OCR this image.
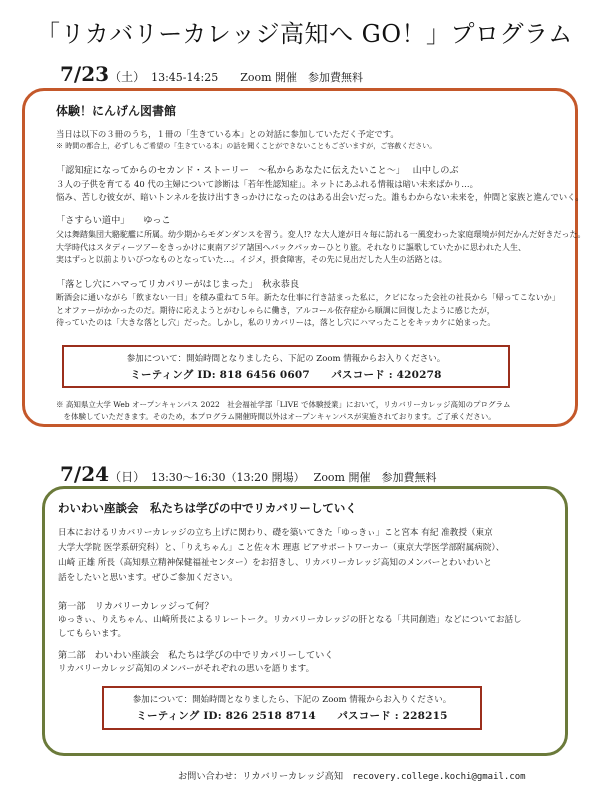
「リカバリーカレッジ高知へ GO！」プログラム
7/23 （土） 13:45-14:25　　Zoom 開催　参加費無料
体験！にんげん図書館
当日は以下の３冊のうち，１冊の「生きている本」との対話に参加していただく予定です。
※ 時間の都合上，必ずしもご希望の「生きている本」の話を聞くことができないこともございますが，ご容赦ください。
「認知症になってからのセカンド・ストーリー　～私からあなたに伝えたいこと～」　 山中しのぶ
３人の子供を育てる 40 代の主婦について診断は「若年性認知症」。ネットにあふれる情報は暗い未来ばかり…。
悩み、苦しむ彼女が、暗いトンネルを抜け出すきっかけになったのはある出会いだった。誰もわからない未来を，仲間と家族と進んでいく。
「さすらい道中」　　ゆっこ
父は舞踏集団大駱駝艦に所属。幼少期からモダンダンスを習う。変人!? な大人達が日々毎に訪れる一風変わった家庭環境が何だかんだ好きだった。
大学時代はスタディーツアーをきっかけに東南アジア諸国へバックパッカーひとり旅。それなりに謳歌していたかに思われた人生、
実はずっと以前よりいびつなものとなっていた…。イジメ，摂食障害，その先に見出だした人生の活路とは。
「落とし穴にハマってリカバリーがはじまった」　秋永恭良
断酒会に通いながら「飲まない一日」を積み重ねて５年。新たな仕事に行き詰まった私に，クビになった会社の社長から「帰ってこないか」
とオファーがかかったのだ。期待に応えようとがむしゃらに働き，アルコール依存症から順調に回復したように感じたが，
待っていたのは「大きな落とし穴」だった。しかし，私のリカバリーは，落とし穴にハマったことをキッカケに始まった。
参加について：開始時間となりましたら、下記の Zoom 情報からお入りください。
ミーティング ID: 818 6456 0607　　パスコード : 420278
※ 高知県立大学 Web オープンキャンパス 2022　社会福祉学部「LIVE で体験授業」において，リカバリーカレッジ高知のプログラム
　を体験していただきます。そのため，本プログラム開催時間以外はオープンキャンパスが実施されております。ご了承ください。
7/24 （日） 13:30～16:30（13:20 開場）　 Zoom 開催　参加費無料
わいわい座談会　私たちは学びの中でリカバリーしていく
日本におけるリカバリーカレッジの立ち上げに関わり、礎を築いてきた「ゆっきぃ」こと宮本 有紀 准教授（東京
大学大学院 医学系研究科）と、「りえちゃん」こと佐々木 理恵 ピアサポートワーカー（東京大学医学部附属病院）、
山崎 正雄 所長（高知県立精神保健福祉センター）をお招きし、リカバリーカレッジ高知のメンバーとわいわいと
話をしたいと思います。ぜひご参加ください。
第一部　リカバリーカレッジって何？
ゆっきぃ、りえちゃん、山崎所長によるリレートーク。リカバリーカレッジの肝となる「共同創造」などについてお話し
してもらいます。
第二部　わいわい座談会　私たちは学びの中でリカバリーしていく
リカバリーカレッジ高知のメンバーがそれぞれの思いを語ります。
参加について：開始時間となりましたら、下記の Zoom 情報からお入りください。
ミーティング ID: 826 2518 8714　　パスコード : 228215
お問い合わせ：リカバリーカレッジ高知　recovery.college.kochi@gmail.com
